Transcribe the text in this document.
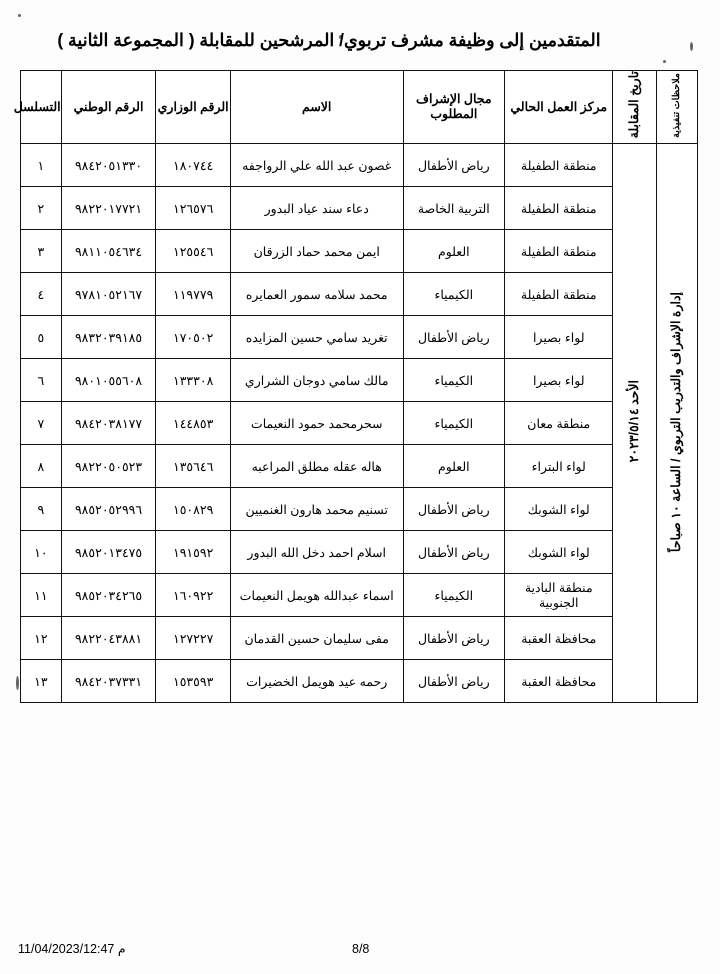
المتقدمين إلى وظيفة مشرف تربوي/ المرشحين للمقابلة ( المجموعة الثانية )
ملاحظات تنفيذية	تاريخ المقابلة	مركز العمل الحالي	مجال الإشراف المطلوب	الاسم	الرقم الوزاري	الرقم الوطني	التسلسل
إدارة الإشراف والتدريب التربوي / الساعة ١٠ صباحاً	الأحد ٢٠٢٣/٥/١٤	منطقة الطفيلة	رياض الأطفال	غصون عبد الله علي الرواجفه	١٨٠٧٤٤	٩٨٤٢٠٥١٣٣٠	١
		منطقة الطفيلة	التربية الخاصة	دعاء سند عياد البدور	١٢٦٥٧٦	٩٨٢٢٠١٧٧٢١	٢
		منطقة الطفيلة	العلوم	ايمن محمد حماد الزرقان	١٢٥٥٤٦	٩٨١١٠٥٤٦٣٤	٣
		منطقة الطفيلة	الكيمياء	محمد سلامه سمور العمايره	١١٩٧٧٩	٩٧٨١٠٥٢١٦٧	٤
		لواء بصيرا	رياض الأطفال	تغريد سامي حسين المزايده	١٧٠٥٠٢	٩٨٣٢٠٣٩١٨٥	٥
		لواء بصيرا	الكيمياء	مالك سامي دوجان الشراري	١٣٣٣٠٨	٩٨٠١٠٥٥٦٠٨	٦
		منطقة معان	الكيمياء	سحرمحمد حمود النعيمات	١٤٤٨٥٣	٩٨٤٢٠٣٨١٧٧	٧
		لواء البتراء	العلوم	هاله عقله مطلق المراعبه	١٣٥٦٤٦	٩٨٢٢٠٥٠٥٢٣	٨
		لواء الشوبك	رياض الأطفال	تسنيم محمد هارون الغنميين	١٥٠٨٢٩	٩٨٥٢٠٥٢٩٩٦	٩
		لواء الشوبك	رياض الأطفال	اسلام احمد دخل الله البدور	١٩١٥٩٢	٩٨٥٢٠١٣٤٧٥	١٠
		منطقة البادية الجنوبية	الكيمياء	اسماء عبدالله هويمل النعيمات	١٦٠٩٢٢	٩٨٥٢٠٣٤٢٦٥	١١
		محافظة العقبة	رياض الأطفال	مفى سليمان حسين القدمان	١٢٧٢٢٧	٩٨٢٢٠٤٣٨٨١	١٢
		محافظة العقبة	رياض الأطفال	رحمه عيد هويمل الخضيرات	١٥٣٥٩٣	٩٨٤٢٠٣٧٣٣١	١٣
11/04/2023/12:47 م	8/8
